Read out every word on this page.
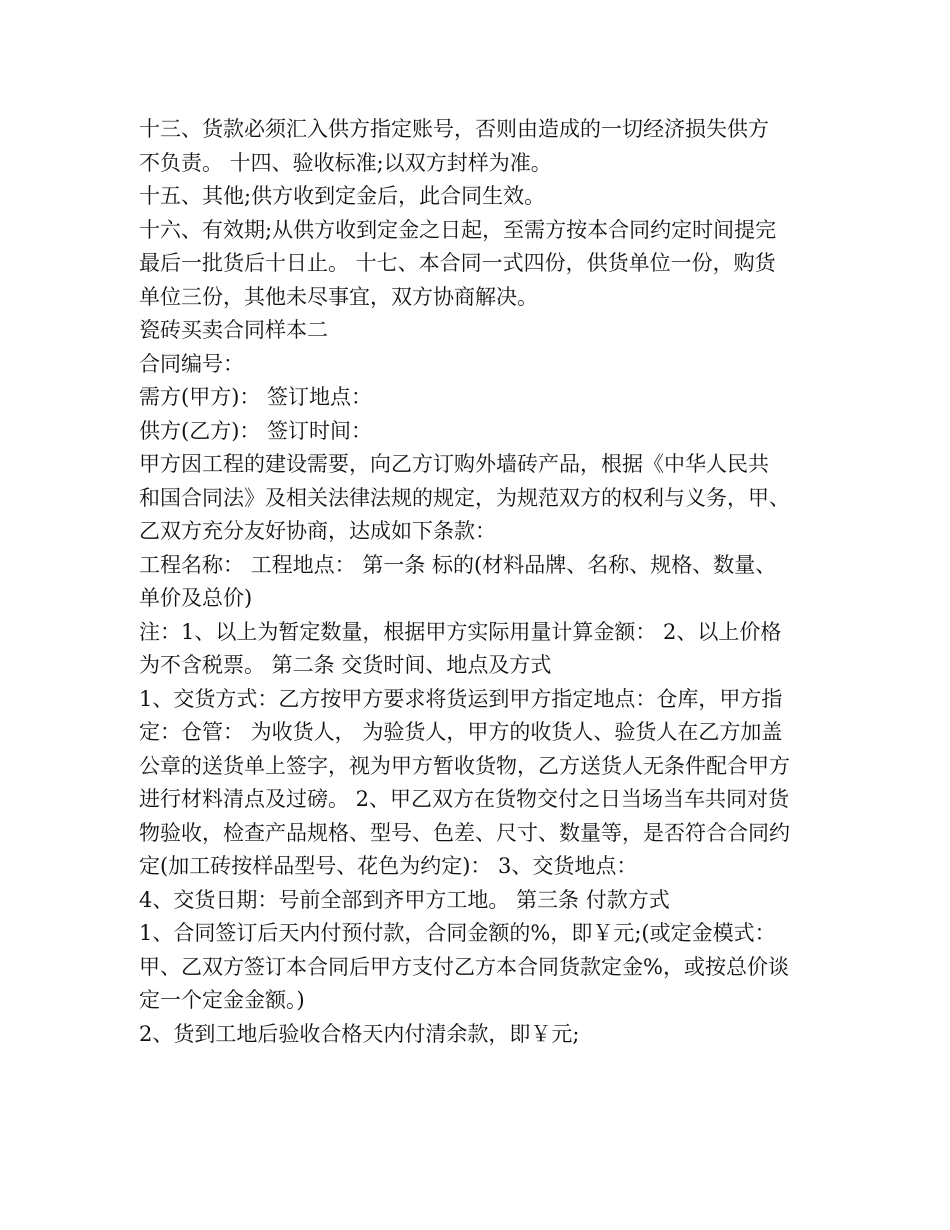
十三、货款必须汇入供方指定账号，否则由造成的一切经济损失供方
不负责。 十四、验收标准;以双方封样为准。
十五、其他;供方收到定金后，此合同生效。
十六、有效期;从供方收到定金之日起，至需方按本合同约定时间提完
最后一批货后十日止。 十七、本合同一式四份，供货单位一份，购货
单位三份，其他未尽事宜，双方协商解决。
瓷砖买卖合同样本二
合同编号：
需方(甲方)： 签订地点：
供方(乙方)： 签订时间：
甲方因工程的建设需要，向乙方订购外墙砖产品，根据《中华人民共
和国合同法》及相关法律法规的规定，为规范双方的权利与义务，甲、
乙双方充分友好协商，达成如下条款：
工程名称： 工程地点： 第一条 标的(材料品牌、名称、规格、数量、
单价及总价)
注：1、以上为暂定数量，根据甲方实际用量计算金额： 2、以上价格
为不含税票。 第二条 交货时间、地点及方式
1、交货方式：乙方按甲方要求将货运到甲方指定地点：仓库，甲方指
定：仓管： 为收货人， 为验货人，甲方的收货人、验货人在乙方加盖
公章的送货单上签字，视为甲方暂收货物，乙方送货人无条件配合甲方
进行材料清点及过磅。 2、甲乙双方在货物交付之日当场当车共同对货
物验收，检查产品规格、型号、色差、尺寸、数量等，是否符合合同约
定(加工砖按样品型号、花色为约定)： 3、交货地点：
4、交货日期：号前全部到齐甲方工地。 第三条 付款方式
1、合同签订后天内付预付款，合同金额的%，即￥元;(或定金模式：
甲、乙双方签订本合同后甲方支付乙方本合同货款定金%，或按总价谈
定一个定金金额。)
2、货到工地后验收合格天内付清余款，即￥元;
